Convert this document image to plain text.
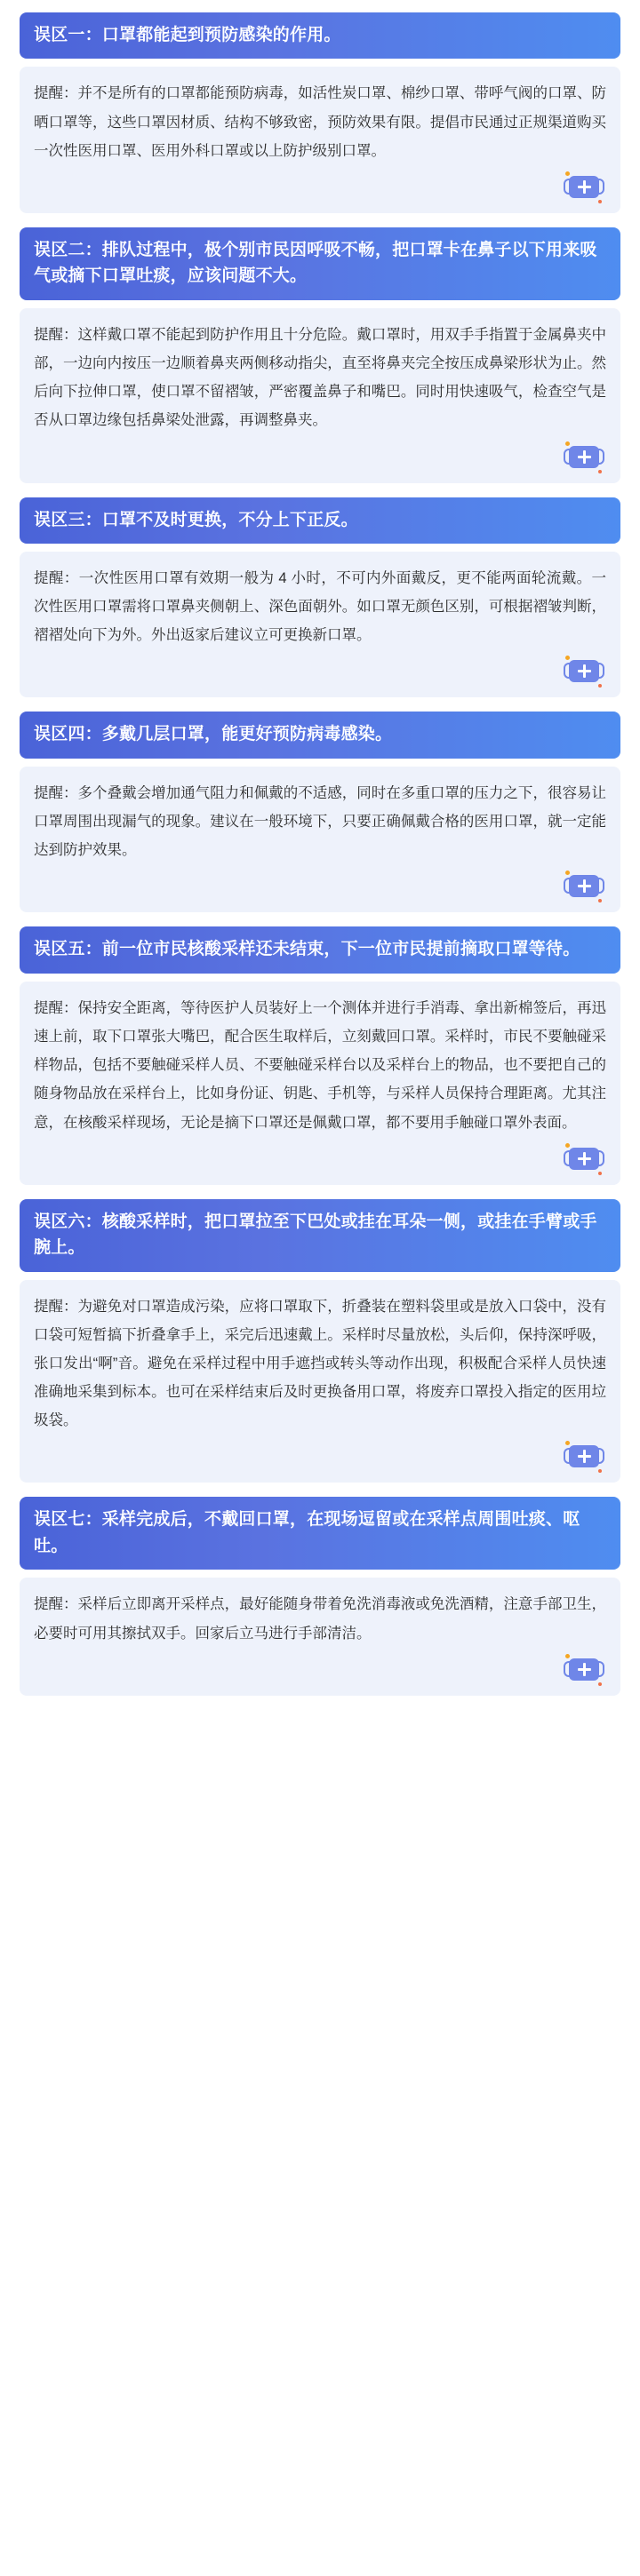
误区一：口罩都能起到预防感染的作用。
提醒：并不是所有的口罩都能预防病毒，如活性炭口罩、棉纱口罩、带呼气阀的口罩、防晒口罩等，这些口罩因材质、结构不够致密，预防效果有限。提倡市民通过正规渠道购买一次性医用口罩、医用外科口罩或以上防护级别口罩。
误区二：排队过程中，极个别市民因呼吸不畅，把口罩卡在鼻子以下用来吸气或摘下口罩吐痰，应该问题不大。
提醒：这样戴口罩不能起到防护作用且十分危险。戴口罩时，用双手手指置于金属鼻夹中部，一边向内按压一边顺着鼻夹两侧移动指尖，直至将鼻夹完全按压成鼻梁形状为止。然后向下拉伸口罩，使口罩不留褶皱，严密覆盖鼻子和嘴巴。同时用快速吸气，检查空气是否从口罩边缘包括鼻梁处泄露，再调整鼻夹。
误区三：口罩不及时更换，不分上下正反。
提醒：一次性医用口罩有效期一般为 4 小时，不可内外面戴反，更不能两面轮流戴。一次性医用口罩需将口罩鼻夹侧朝上、深色面朝外。如口罩无颜色区别，可根据褶皱判断，褶褶处向下为外。外出返家后建议立可更换新口罩。
误区四：多戴几层口罩，能更好预防病毒感染。
提醒：多个叠戴会增加通气阻力和佩戴的不适感，同时在多重口罩的压力之下，很容易让口罩周围出现漏气的现象。建议在一般环境下，只要正确佩戴合格的医用口罩，就一定能达到防护效果。
误区五：前一位市民核酸采样还未结束，下一位市民提前摘取口罩等待。
提醒：保持安全距离，等待医护人员装好上一个测体并进行手消毒、拿出新棉签后，再迅速上前，取下口罩张大嘴巴，配合医生取样后，立刻戴回口罩。采样时，市民不要触碰采样物品，包括不要触碰采样人员、不要触碰采样台以及采样台上的物品，也不要把自己的随身物品放在采样台上，比如身份证、钥匙、手机等，与采样人员保持合理距离。尤其注意，在核酸采样现场，无论是摘下口罩还是佩戴口罩，都不要用手触碰口罩外表面。
误区六：核酸采样时，把口罩拉至下巴处或挂在耳朵一侧，或挂在手臂或手腕上。
提醒：为避免对口罩造成污染，应将口罩取下，折叠装在塑料袋里或是放入口袋中，没有口袋可短暂搞下折叠拿手上，采完后迅速戴上。采样时尽量放松，头后仰，保持深呼吸，张口发出“啊”音。避免在采样过程中用手遮挡或转头等动作出现，积极配合采样人员快速准确地采集到标本。也可在采样结束后及时更换备用口罩，将废弃口罩投入指定的医用垃圾袋。
误区七：采样完成后，不戴回口罩，在现场逗留或在采样点周围吐痰、呕吐。
提醒：采样后立即离开采样点，最好能随身带着免洗消毒液或免洗酒精，注意手部卫生，必要时可用其擦拭双手。回家后立马进行手部清洁。
